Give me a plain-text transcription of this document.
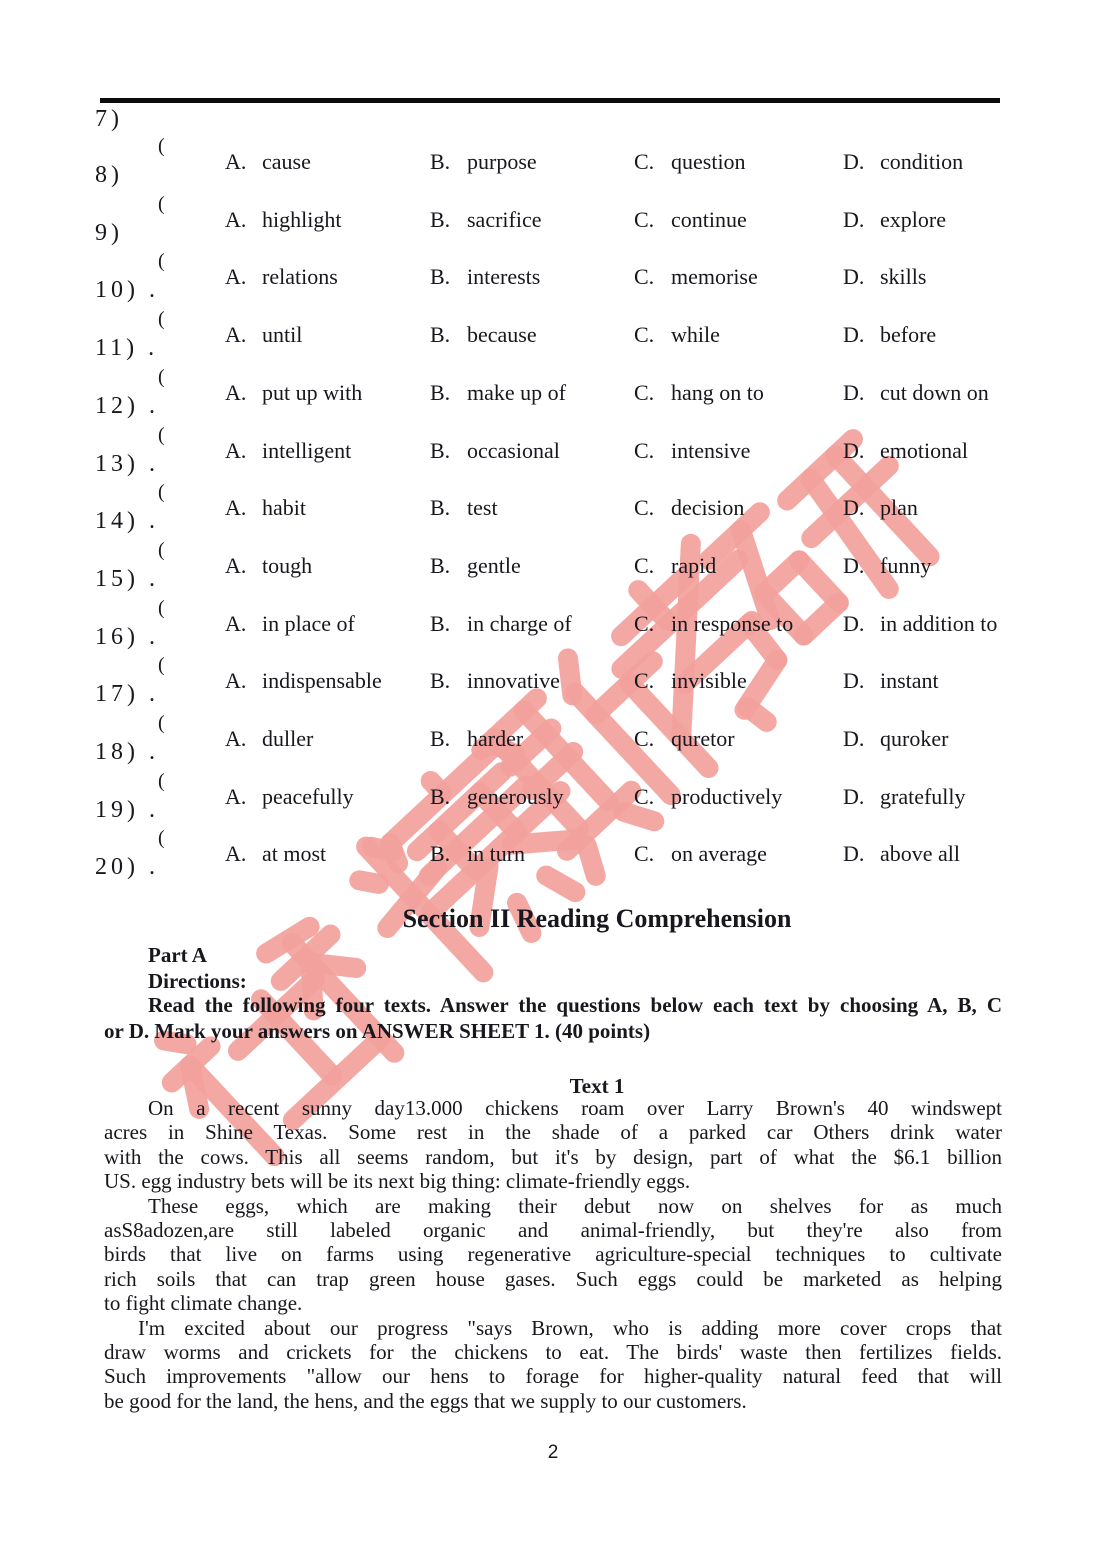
7)
(
8)
A. cause	B. purpose	C. question	D. condition
(
9)
A. highlight	B. sacrifice	C. continue	D. explore
(
10) .
A. relations	B. interests	C. memorise	D. skills
(
11) .
A. until	B. because	C. while	D. before
(
12) .
A. put up with	B. make up of	C. hang on to	D. cut down on
(
13) .
A. intelligent	B. occasional	C. intensive	D. emotional
(
14) .
A. habit	B. test	C. decision	D. plan
(
15) .
A. tough	B. gentle	C. rapid	D. funny
(
16) .
A. in place of	B. in charge of	C. in response to D. in addition to
(
17) .
A. indispensable B. innovative	C. invisible	D. instant
(
18) .
A. duller	B. harder	C. quretor	D. quroker
(
19) .
A. peacefully	B. generously	C. productively	D. gratefully
(
20) .
A. at most	B. in turn	C. on average	D. above all
Section II Reading Comprehension
Part A
Directions:
Read the following four texts. Answer the questions below each text by choosing A, B, C
or D. Mark your answers on ANSWER SHEET 1. (40 points)
Text 1
On a recent sunny day13.000 chickens roam over Larry Brown's 40 windswept
acres in Shine Texas. Some rest in the shade of a parked car Others drink water
with the cows. This all seems random, but it's by design, part of what the $6.1 billion
US. egg industry bets will be its next big thing: climate-friendly eggs.
These eggs, which are making their debut now on shelves for as much
asS8adozen,are still labeled organic and animal-friendly, but they're also from
birds that live on farms using regenerative agriculture-special techniques to cultivate
rich soils that can trap green house gases. Such eggs could be marketed as helping
to fight climate change.
I'm excited about our progress "says Brown, who is adding more cover crops that
draw worms and crickets for the chickens to eat. The birds' waste then fertilizes fields.
Such improvements "allow our hens to forage for higher-quality natural feed that will
be good for the land, the hens, and the eggs that we supply to our customers.
2
